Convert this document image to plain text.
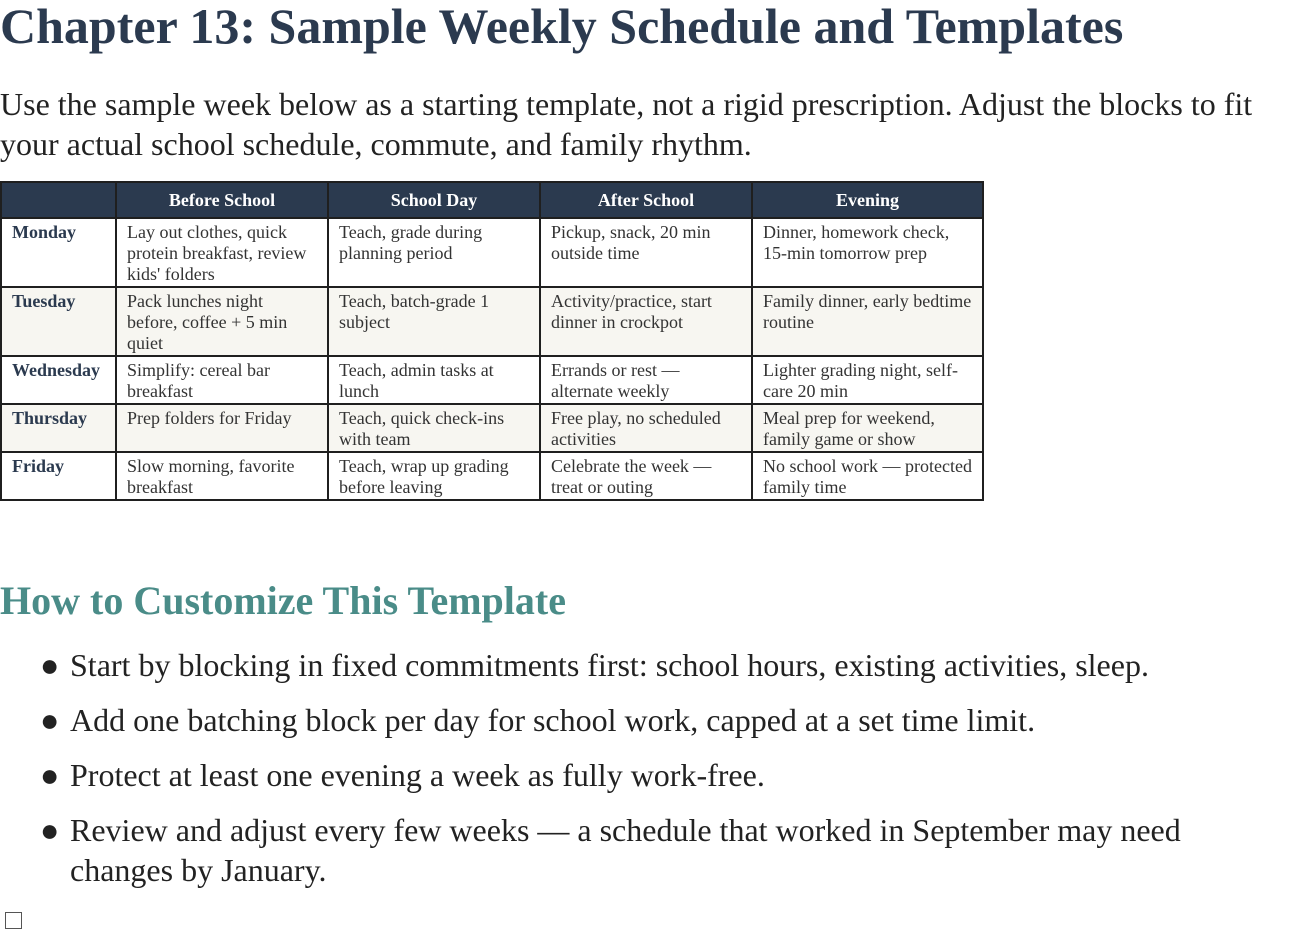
Chapter 13: Sample Weekly Schedule and Templates

Use the sample week below as a starting template, not a rigid prescription. Adjust the blocks to fit your actual school schedule, commute, and family rhythm.

	Before School	School Day	After School	Evening
Monday	Lay out clothes, quick protein breakfast, review kids' folders	Teach, grade during planning period	Pickup, snack, 20 min outside time	Dinner, homework check, 15-min tomorrow prep
Tuesday	Pack lunches night before, coffee + 5 min quiet	Teach, batch-grade 1 subject	Activity/practice, start dinner in crockpot	Family dinner, early bedtime routine
Wednesday	Simplify: cereal bar breakfast	Teach, admin tasks at lunch	Errands or rest — alternate weekly	Lighter grading night, self-care 20 min
Thursday	Prep folders for Friday	Teach, quick check-ins with team	Free play, no scheduled activities	Meal prep for weekend, family game or show
Friday	Slow morning, favorite breakfast	Teach, wrap up grading before leaving	Celebrate the week — treat or outing	No school work — protected family time
How to Customize This Template
● Start by blocking in fixed commitments first: school hours, existing activities, sleep.
● Add one batching block per day for school work, capped at a set time limit.
● Protect at least one evening a week as fully work-free.
● Review and adjust every few weeks — a schedule that worked in September may need changes by January.
